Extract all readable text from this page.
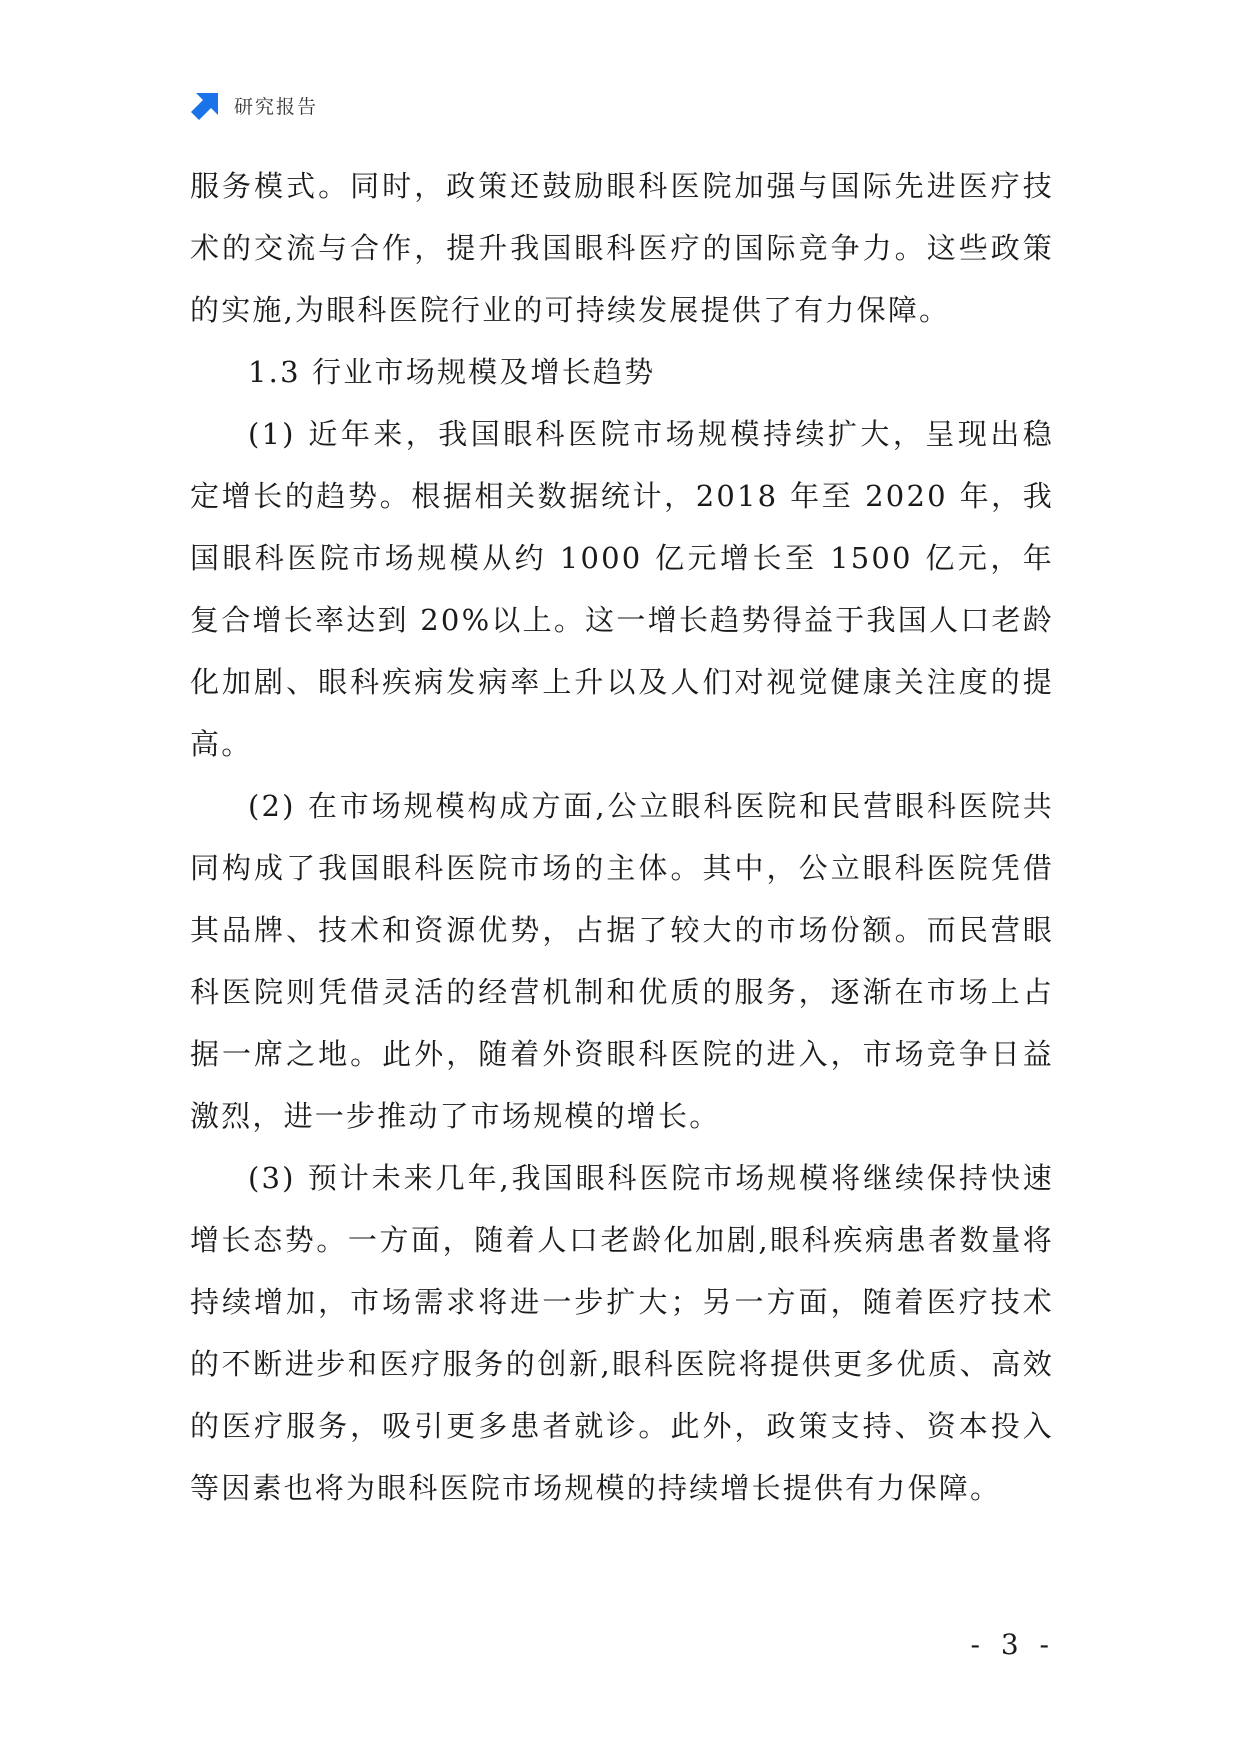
研究报告

服务模式。同时，政策还鼓励眼科医院加强与国际先进医疗技术的交流与合作，提升我国眼科医疗的国际竞争力。这些政策的实施,为眼科医院行业的可持续发展提供了有力保障。

1.3 行业市场规模及增长趋势

(1) 近年来，我国眼科医院市场规模持续扩大，呈现出稳定增长的趋势。根据相关数据统计，2018 年至 2020 年，我国眼科医院市场规模从约 1000 亿元增长至 1500 亿元，年复合增长率达到 20%以上。这一增长趋势得益于我国人口老龄化加剧、眼科疾病发病率上升以及人们对视觉健康关注度的提高。

(2) 在市场规模构成方面,公立眼科医院和民营眼科医院共同构成了我国眼科医院市场的主体。其中，公立眼科医院凭借其品牌、技术和资源优势，占据了较大的市场份额。而民营眼科医院则凭借灵活的经营机制和优质的服务，逐渐在市场上占据一席之地。此外，随着外资眼科医院的进入，市场竞争日益激烈，进一步推动了市场规模的增长。

(3) 预计未来几年,我国眼科医院市场规模将继续保持快速增长态势。一方面，随着人口老龄化加剧,眼科疾病患者数量将持续增加，市场需求将进一步扩大；另一方面，随着医疗技术的不断进步和医疗服务的创新,眼科医院将提供更多优质、高效的医疗服务，吸引更多患者就诊。此外，政策支持、资本投入等因素也将为眼科医院市场规模的持续增长提供有力保障。

- 3 -
